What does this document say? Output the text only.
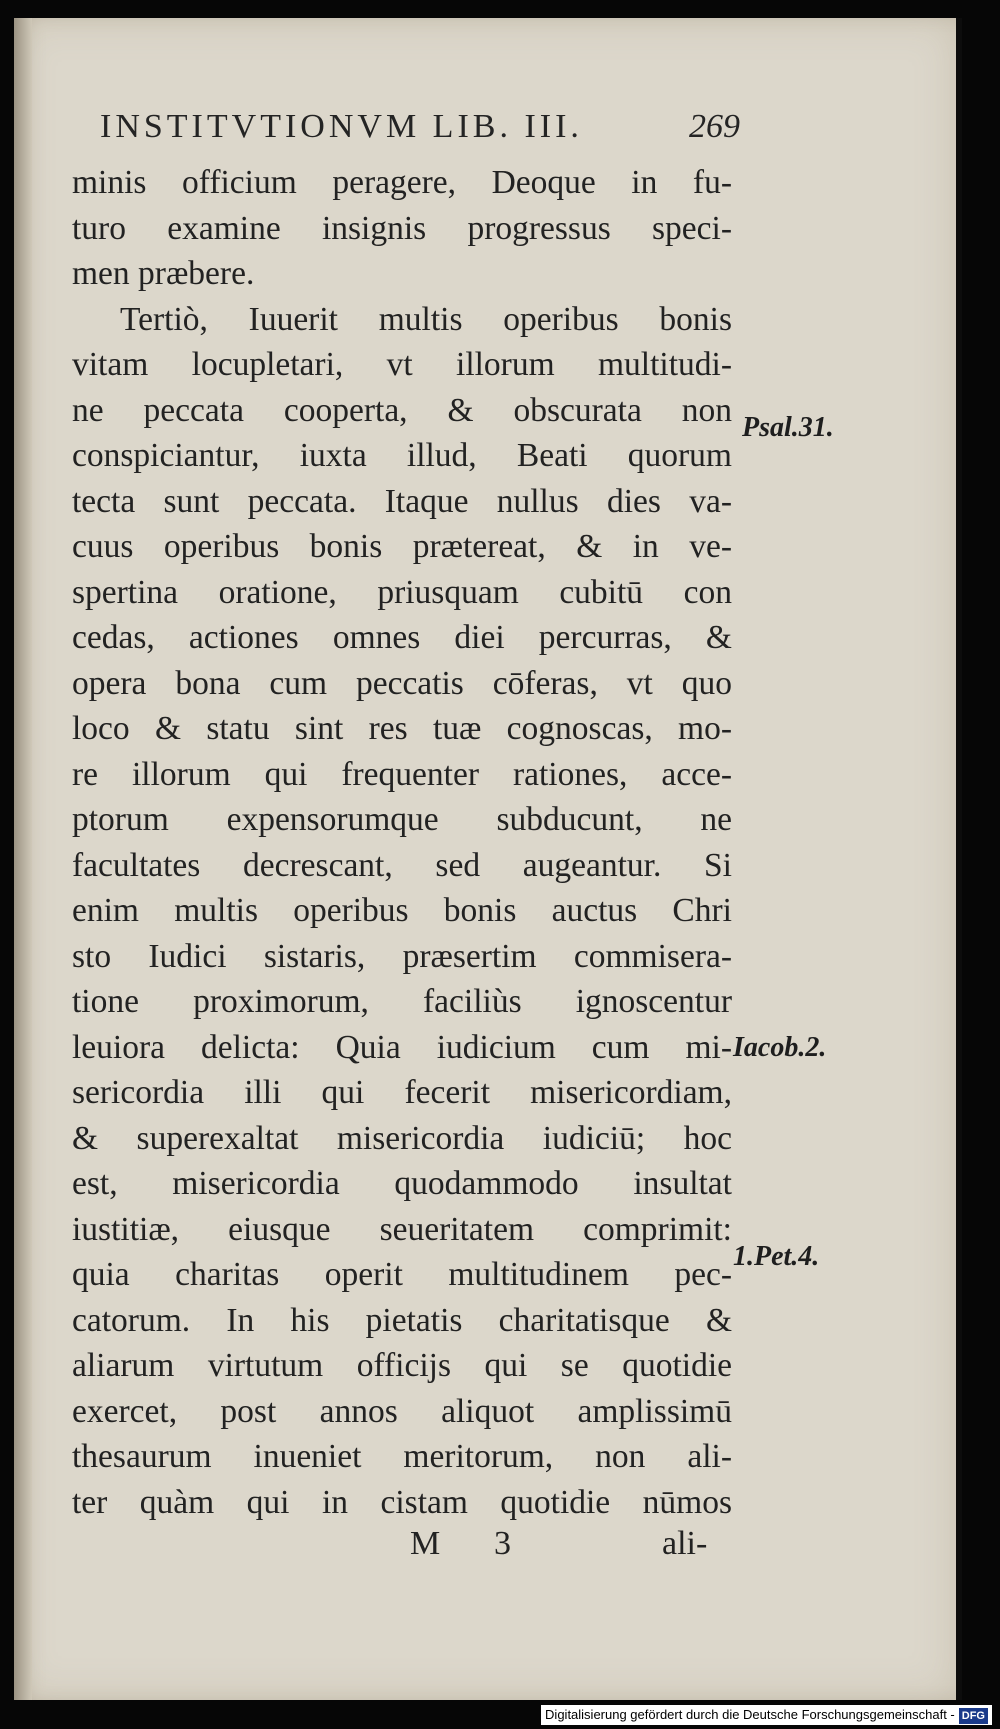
INSTITVTIONVM LIB. III.	269
minis officium peragere, Deoque in fu-
turo examine insignis progressus speci-
men præbere.
Tertiò, Iuuerit multis operibus bonis
vitam locupletari, vt illorum multitudi-
ne peccata cooperta, & obscurata non
conspiciantur, iuxta illud, Beati quorum
tecta sunt peccata. Itaque nullus dies va-
cuus operibus bonis prætereat, & in ve-
spertina oratione, priusquam cubitū con
cedas, actiones omnes diei percurras, &
opera bona cum peccatis cōferas, vt quo
loco & statu sint res tuæ cognoscas, mo-
re illorum qui frequenter rationes, acce-
ptorum expensorumque subducunt, ne
facultates decrescant, sed augeantur. Si
enim multis operibus bonis auctus Chri
sto Iudici sistaris, præsertim commisera-
tione proximorum, faciliùs ignoscentur
leuiora delicta: Quia iudicium cum mi-
sericordia illi qui fecerit misericordiam,
& superexaltat misericordia iudiciū; hoc
est, misericordia quodammodo insultat
iustitiæ, eiusque seueritatem comprimit:
quia charitas operit multitudinem pec-
catorum. In his pietatis charitatisque &
aliarum virtutum officijs qui se quotidie
exercet, post annos aliquot amplissimū
thesaurum inueniet meritorum, non ali-
ter quàm qui in cistam quotidie nūmos
Psal.31.
Iacob.2.
1.Pet.4.
M 3	ali-
Digitalisierung gefördert durch die Deutsche Forschungsgemeinschaft - DFG
